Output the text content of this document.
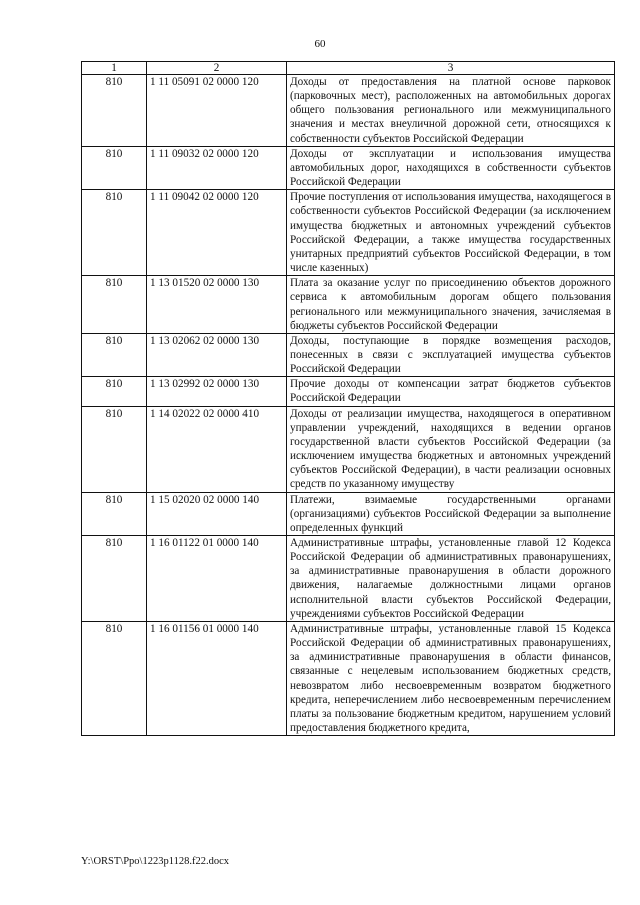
60
1	2	3
810	1 11 05091 02 0000 120	Доходы от предоставления на платной основе парковок (парковочных мест), расположенных на автомобильных дорогах общего пользования регионального или межмуниципального значения и местах внеуличной дорожной сети, относящихся к собственности субъектов Российской Федерации
810	1 11 09032 02 0000 120	Доходы от эксплуатации и использования имущества автомобильных дорог, находящихся в собственности субъектов Российской Федерации
810	1 11 09042 02 0000 120	Прочие поступления от использования имущества, находящегося в собственности субъектов Российской Федерации (за исключением имущества бюджетных и автономных учреждений субъектов Российской Федерации, а также имущества государственных унитарных предприятий субъектов Российской Федерации, в том числе казенных)
810	1 13 01520 02 0000 130	Плата за оказание услуг по присоединению объектов дорожного сервиса к автомобильным дорогам общего пользования регионального или межмуниципального значения, зачисляемая в бюджеты субъектов Российской Федерации
810	1 13 02062 02 0000 130	Доходы, поступающие в порядке возмещения расходов, понесенных в связи с эксплуатацией имущества субъектов Российской Федерации
810	1 13 02992 02 0000 130	Прочие доходы от компенсации затрат бюджетов субъектов Российской Федерации
810	1 14 02022 02 0000 410	Доходы от реализации имущества, находящегося в оперативном управлении учреждений, находящихся в ведении органов государственной власти субъектов Российской Федерации (за исключением имущества бюджетных и автономных учреждений субъектов Российской Федерации), в части реализации основных средств по указанному имуществу
810	1 15 02020 02 0000 140	Платежи, взимаемые государственными органами (организациями) субъектов Российской Федерации за выполнение определенных функций
810	1 16 01122 01 0000 140	Административные штрафы, установленные главой 12 Кодекса Российской Федерации об административных правонарушениях, за административные правонарушения в области дорожного движения, налагаемые должностными лицами органов исполнительной власти субъектов Российской Федерации, учреждениями субъектов Российской Федерации
810	1 16 01156 01 0000 140	Административные штрафы, установленные главой 15 Кодекса Российской Федерации об административных правонарушениях, за административные правонарушения в области финансов, связанные с нецелевым использованием бюджетных средств, невозвратом либо несвоевременным возвратом бюджетного кредита, неперечислением либо несвоевременным перечислением платы за пользование бюджетным кредитом, нарушением условий предоставления бюджетного кредита,
Y:\ORST\Ppo\1223p1128.f22.docx
